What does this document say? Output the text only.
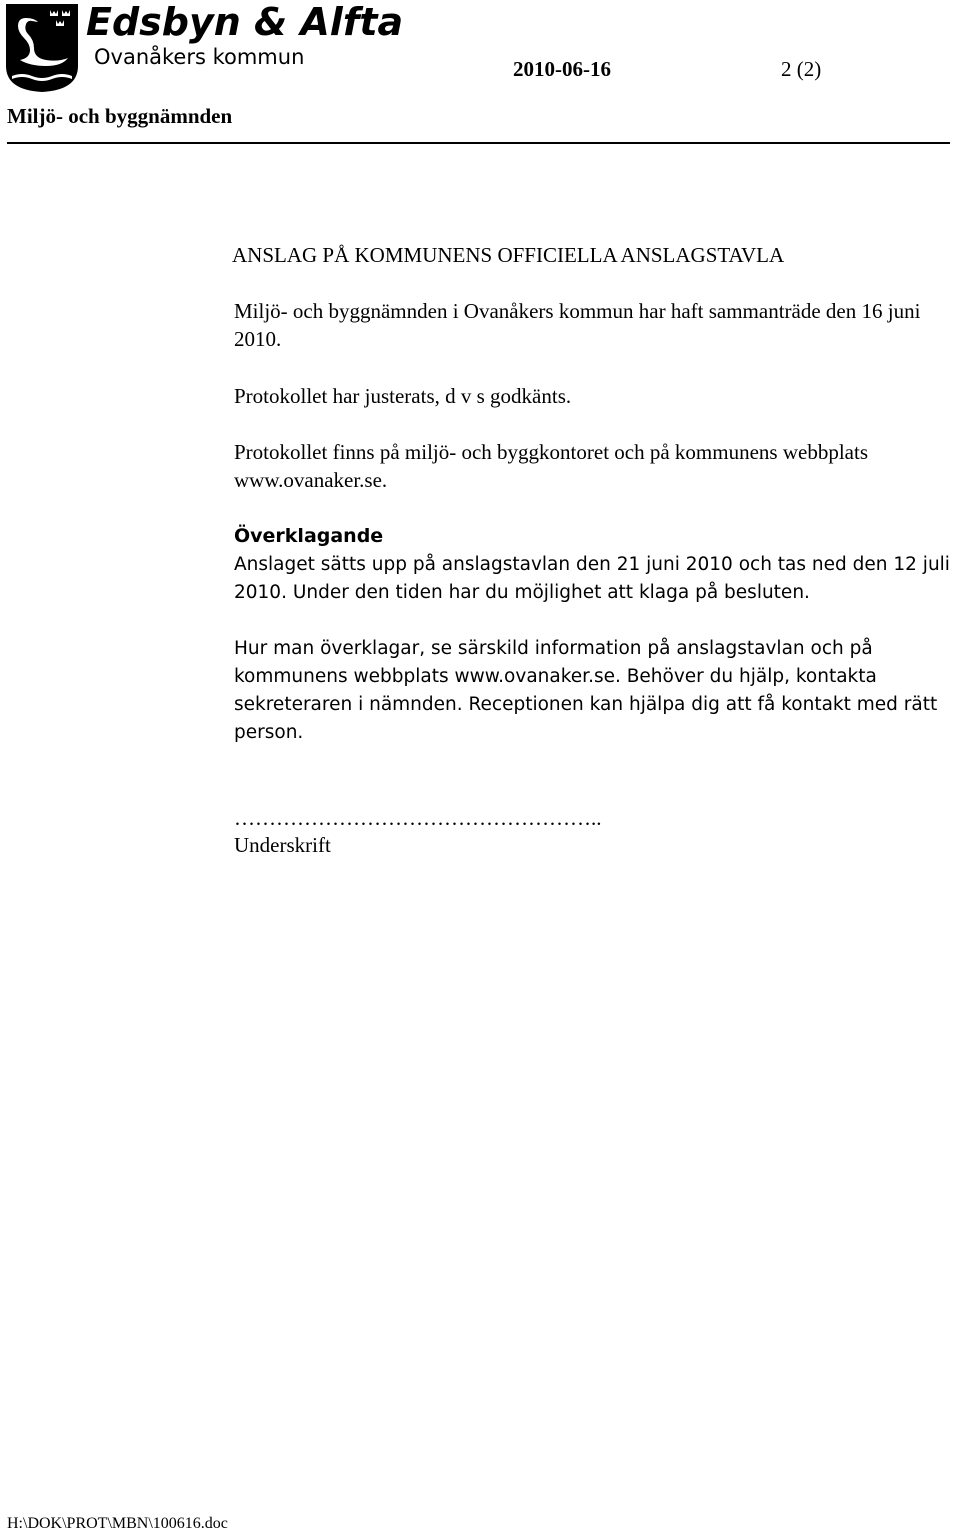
Edsbyn & Alfta
Ovanåkers kommun	2010-06-16	2 (2)
Miljö- och byggnämnden
ANSLAG PÅ KOMMUNENS OFFICIELLA ANSLAGSTAVLA
Miljö- och byggnämnden i Ovanåkers kommun har haft sammanträde den 16 juni 2010.
Protokollet har justerats, d v s godkänts.
Protokollet finns på miljö- och byggkontoret och på kommunens webbplats www.ovanaker.se.
Överklagande
Anslaget sätts upp på anslagstavlan den 21 juni 2010 och tas ned den 12 juli 2010. Under den tiden har du möjlighet att klaga på besluten.
Hur man överklagar, se särskild information på anslagstavlan och på kommunens webbplats www.ovanaker.se. Behöver du hjälp, kontakta sekreteraren i nämnden. Receptionen kan hjälpa dig att få kontakt med rätt person.
……………………………………………..
Underskrift
H:\DOK\PROT\MBN\100616.doc
